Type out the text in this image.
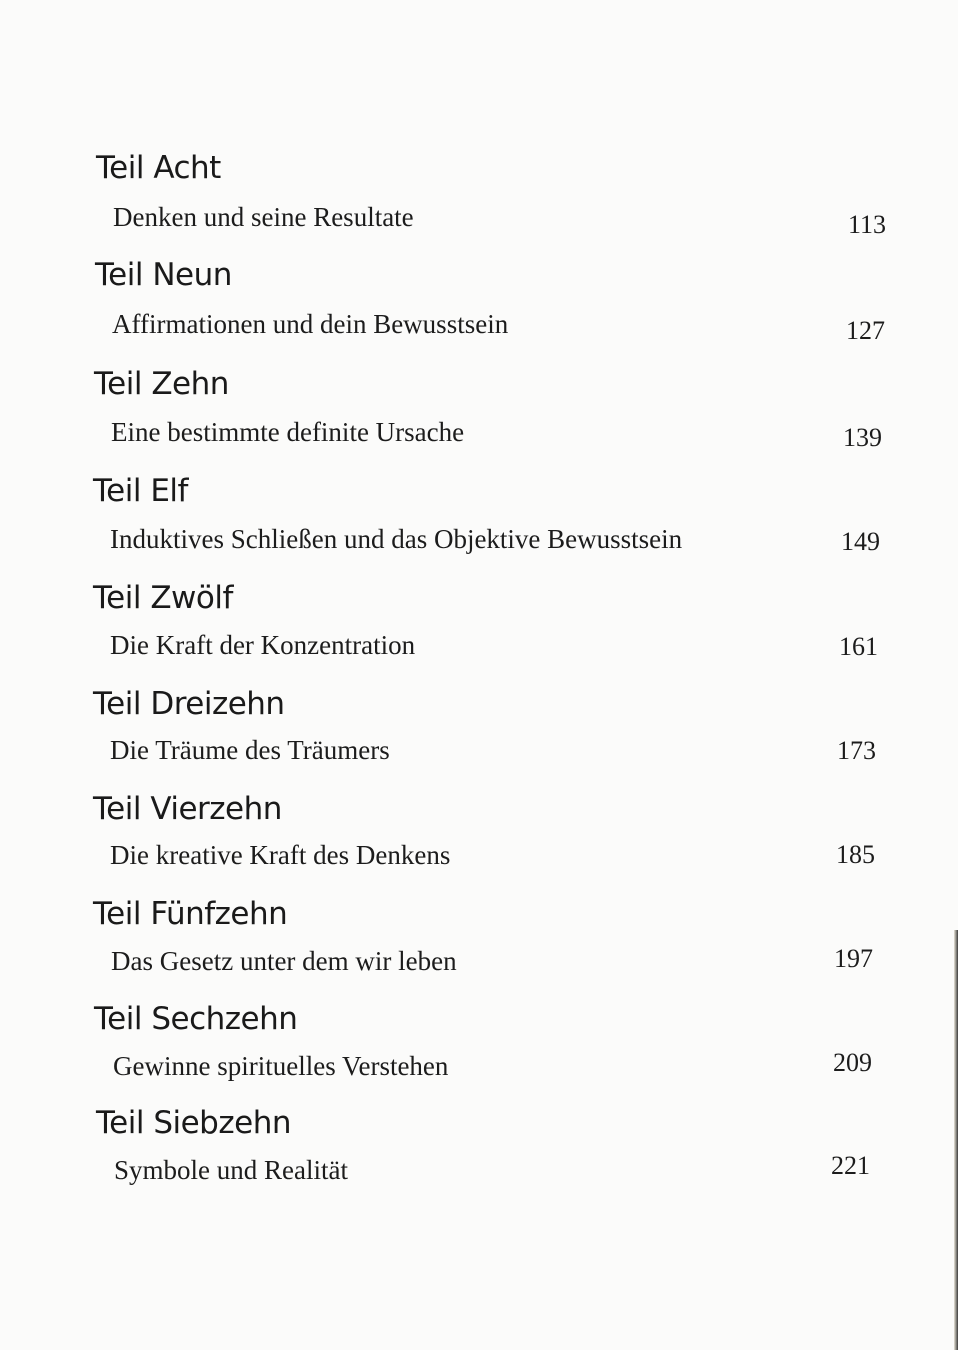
Teil Acht
Denken und seine Resultate	113
Teil Neun
Affirmationen und dein Bewusstsein	127
Teil Zehn
Eine bestimmte definite Ursache	139
Teil Elf
Induktives Schließen und das Objektive Bewusstsein	149
Teil Zwölf
Die Kraft der Konzentration	161
Teil Dreizehn
Die Träume des Träumers	173
Teil Vierzehn
Die kreative Kraft des Denkens	185
Teil Fünfzehn
Das Gesetz unter dem wir leben	197
Teil Sechzehn
Gewinne spirituelles Verstehen	209
Teil Siebzehn
Symbole und Realität	221
